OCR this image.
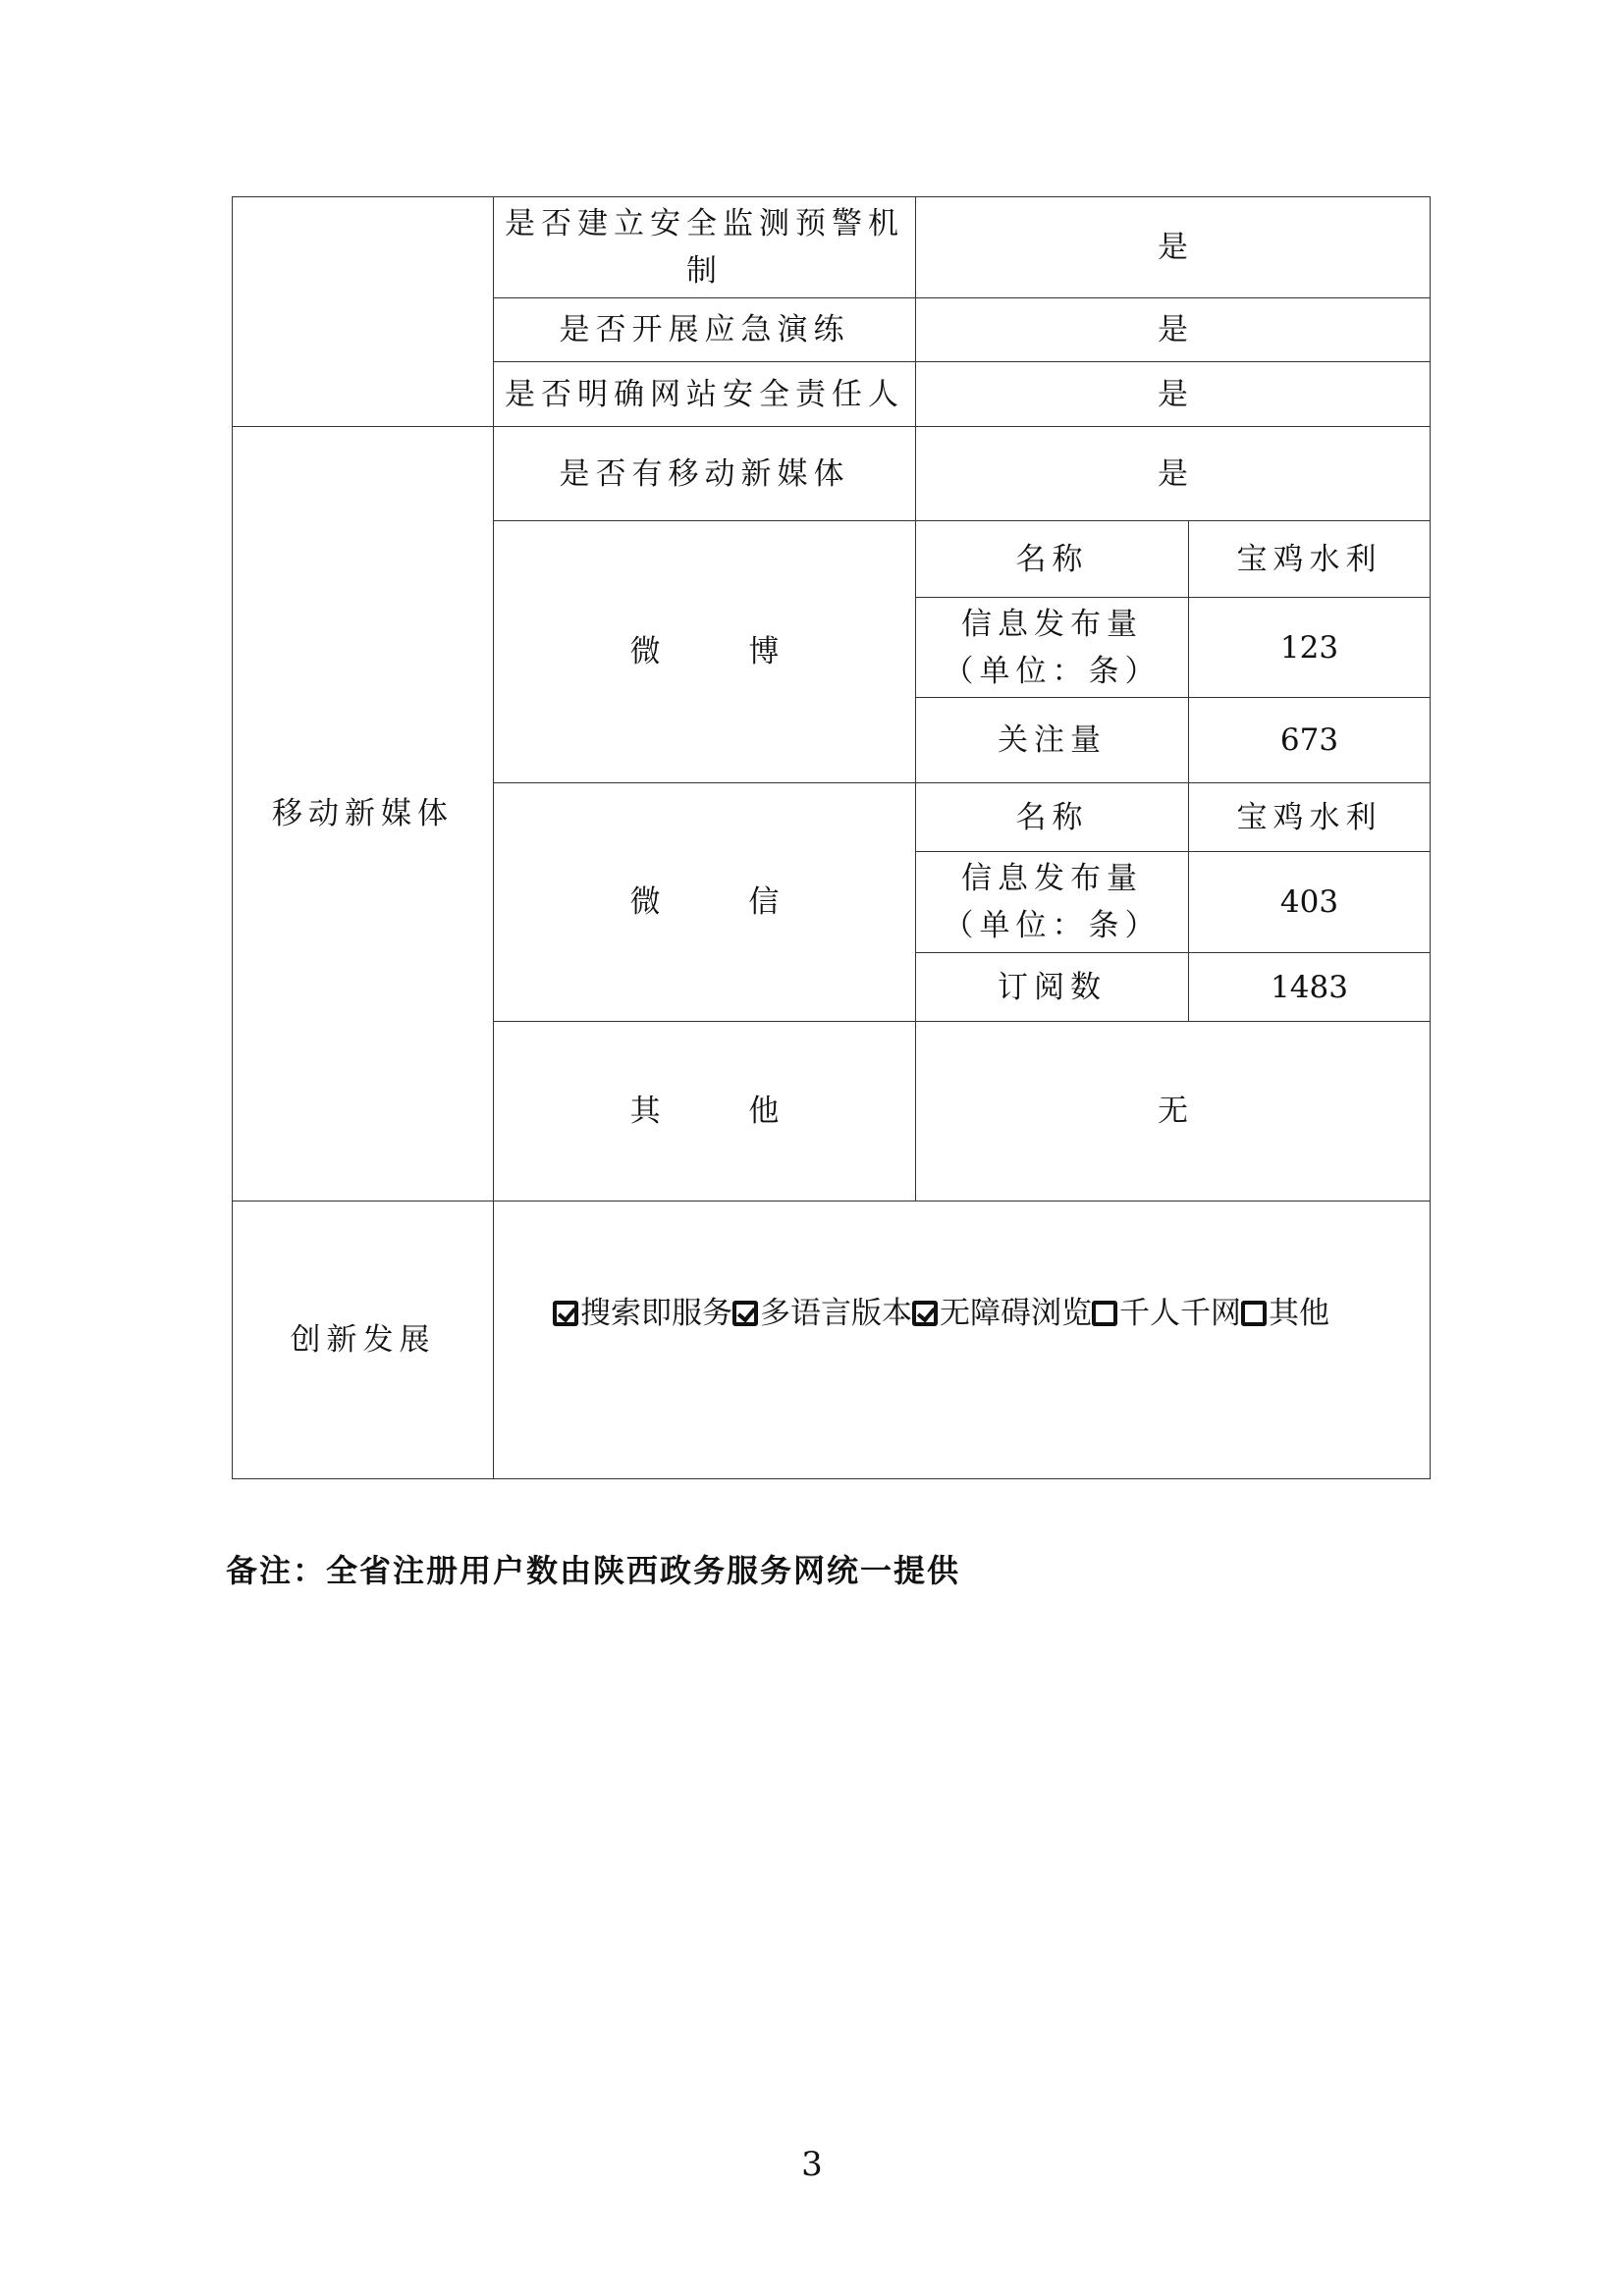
	是否建立安全监测预警机制	是	
	是否开展应急演练	是	
	是否明确网站安全责任人	是	
移动新媒体	是否有移动新媒体	是	
	微 博	名称	宝鸡水利
		信息发布量（单位：条）	123
		关注量	673
	微 信	名称	宝鸡水利
		信息发布量（单位：条）	403
		订阅数	1483
	其 他	无	
创新发展	搜索即服务 多语言版本 无障碍浏览 千人千网 其他		
备注：全省注册用户数由陕西政务服务网统一提供
3
